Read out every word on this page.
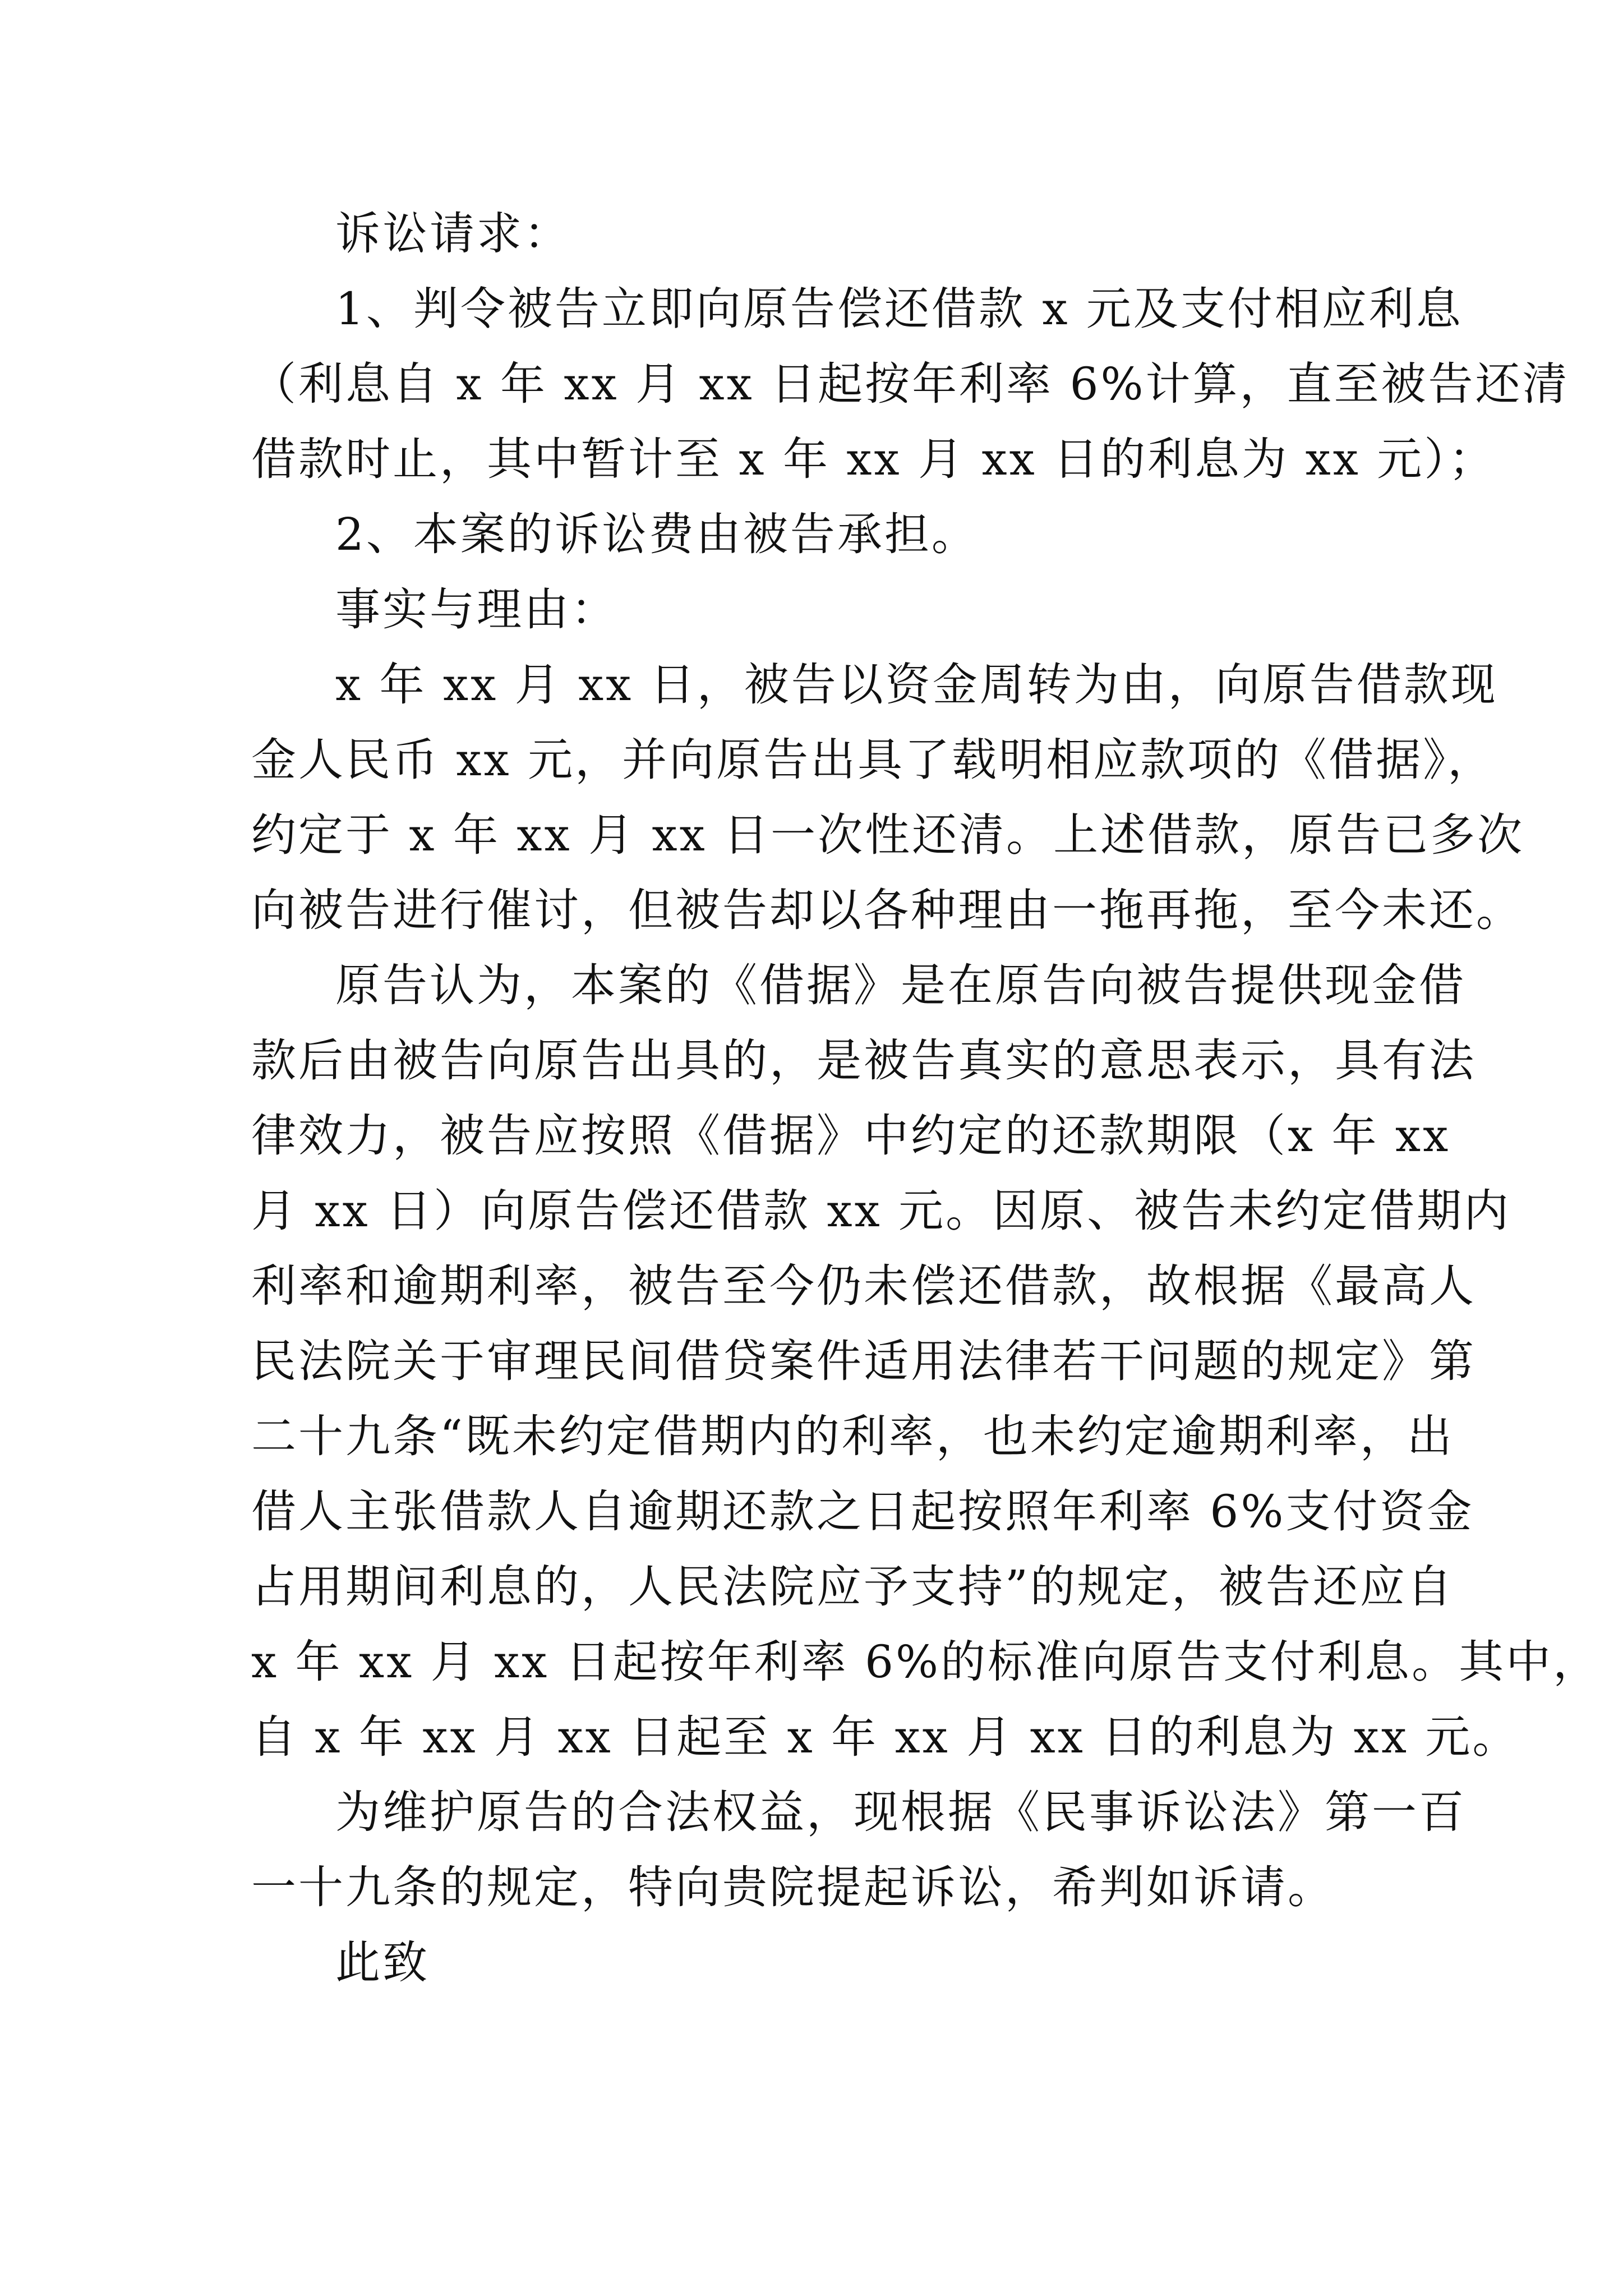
诉讼请求：
1、判令被告立即向原告偿还借款 x 元及支付相应利息
（利息自 x 年 xx 月 xx 日起按年利率 6%计算，直至被告还清
借款时止，其中暂计至 x 年 xx 月 xx 日的利息为 xx 元）；
2、本案的诉讼费由被告承担。
事实与理由：
x 年 xx 月 xx 日，被告以资金周转为由，向原告借款现
金人民币 xx 元，并向原告出具了载明相应款项的《借据》，
约定于 x 年 xx 月 xx 日一次性还清。上述借款，原告已多次
向被告进行催讨，但被告却以各种理由一拖再拖，至今未还。
原告认为，本案的《借据》是在原告向被告提供现金借
款后由被告向原告出具的，是被告真实的意思表示，具有法
律效力，被告应按照《借据》中约定的还款期限（x 年 xx
月 xx 日）向原告偿还借款 xx 元。因原、被告未约定借期内
利率和逾期利率，被告至今仍未偿还借款，故根据《最高人
民法院关于审理民间借贷案件适用法律若干问题的规定》第
二十九条“既未约定借期内的利率，也未约定逾期利率，出
借人主张借款人自逾期还款之日起按照年利率 6%支付资金
占用期间利息的，人民法院应予支持”的规定，被告还应自
x 年 xx 月 xx 日起按年利率 6%的标准向原告支付利息。其中，
自 x 年 xx 月 xx 日起至 x 年 xx 月 xx 日的利息为 xx 元。
为维护原告的合法权益，现根据《民事诉讼法》第一百
一十九条的规定，特向贵院提起诉讼，希判如诉请。
此致
